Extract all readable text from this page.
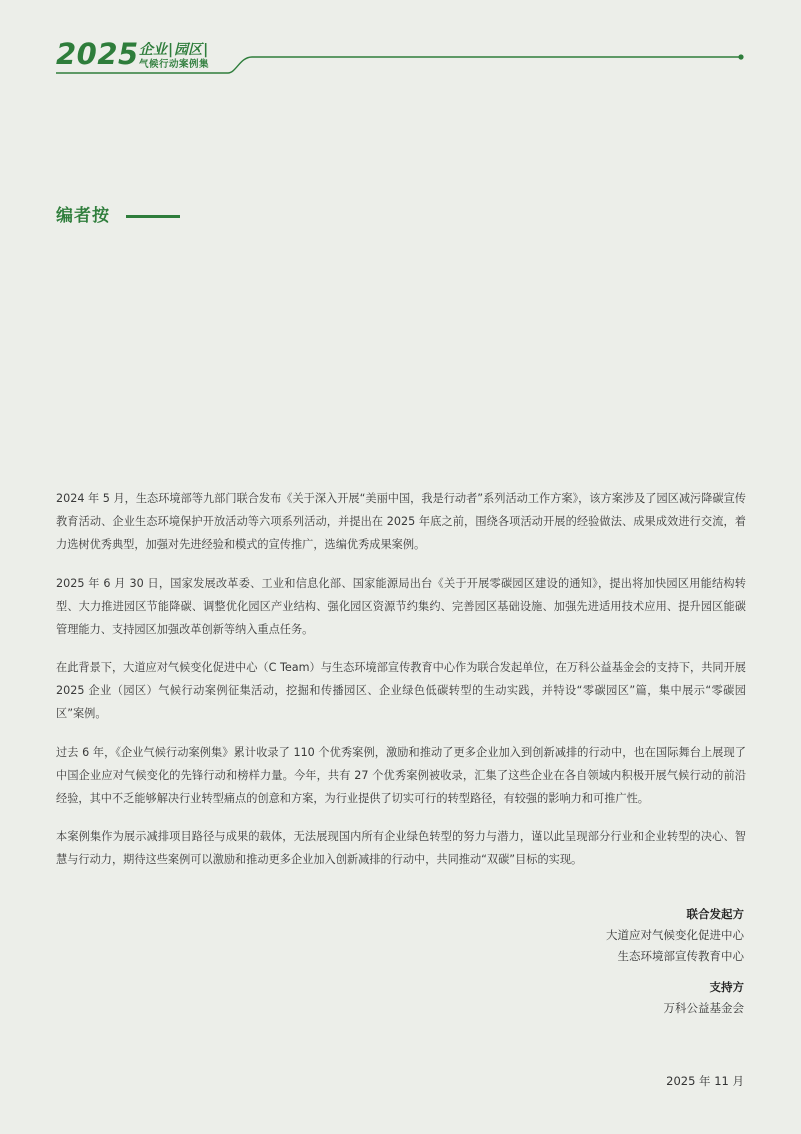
2025 企业|园区|
气候行动案例集
编者按

2024 年 5 月，生态环境部等九部门联合发布《关于深入开展“美丽中国，我是行动者”系列活动工作方案》，该方案涉及了园区减污降碳宣传教育活动、企业生态环境保护开放活动等六项系列活动，并提出在 2025 年底之前，围绕各项活动开展的经验做法、成果成效进行交流，着力选树优秀典型，加强对先进经验和模式的宣传推广，选编优秀成果案例。

2025 年 6 月 30 日，国家发展改革委、工业和信息化部、国家能源局出台《关于开展零碳园区建设的通知》，提出将加快园区用能结构转型、大力推进园区节能降碳、调整优化园区产业结构、强化园区资源节约集约、完善园区基础设施、加强先进适用技术应用、提升园区能碳管理能力、支持园区加强改革创新等纳入重点任务。

在此背景下，大道应对气候变化促进中心（C Team）与生态环境部宣传教育中心作为联合发起单位，在万科公益基金会的支持下，共同开展 2025 企业（园区）气候行动案例征集活动，挖掘和传播园区、企业绿色低碳转型的生动实践，并特设“零碳园区”篇，集中展示“零碳园区”案例。

过去 6 年，《企业气候行动案例集》累计收录了 110 个优秀案例，激励和推动了更多企业加入到创新减排的行动中，也在国际舞台上展现了中国企业应对气候变化的先锋行动和榜样力量。今年，共有 27 个优秀案例被收录，汇集了这些企业在各自领域内积极开展气候行动的前沿经验，其中不乏能够解决行业转型痛点的创意和方案，为行业提供了切实可行的转型路径，有较强的影响力和可推广性。

本案例集作为展示减排项目路径与成果的载体，无法展现国内所有企业绿色转型的努力与潜力，谨以此呈现部分行业和企业转型的决心、智慧与行动力，期待这些案例可以激励和推动更多企业加入创新减排的行动中，共同推动“双碳”目标的实现。

联合发起方
大道应对气候变化促进中心
生态环境部宣传教育中心
支持方
万科公益基金会
2025 年 11 月
